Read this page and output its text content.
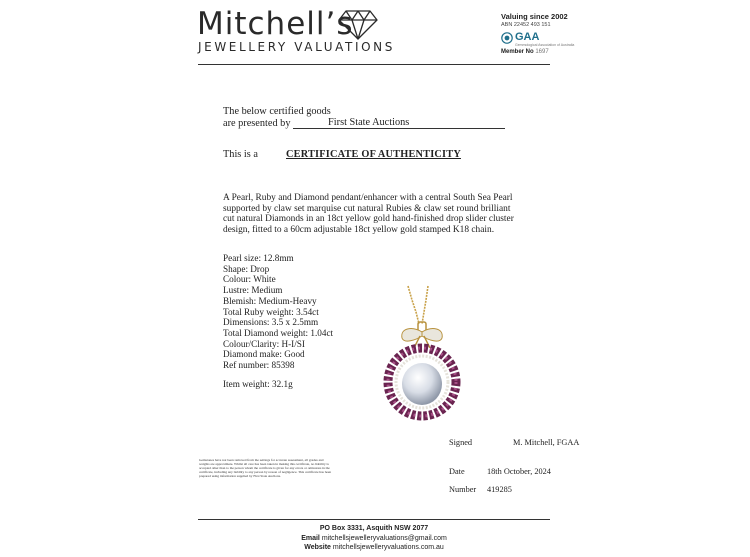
Mitchell’s
JEWELLERY VALUATIONS
Valuing since 2002
ABN 22452 493 151
GAA
Gemmological Association of Australia
Member No 1697
The below certified goods
are presented by	First State Auctions
This is a	CERTIFICATE OF AUTHENTICITY
A Pearl, Ruby and Diamond pendant/enhancer with a central South Sea Pearl
supported by claw set marquise cut natural Rubies & claw set round brilliant
cut natural Diamonds in an 18ct yellow gold hand-finished drop slider cluster
design, fitted to a 60cm adjustable 18ct yellow gold stamped K18 chain.
Pearl size: 12.8mm
Shape: Drop
Colour: White
Lustre: Medium
Blemish: Medium-Heavy
Total Ruby weight: 3.54ct
Dimensions: 3.5 x 2.5mm
Total Diamond weight: 1.04ct
Colour/Clarity: H-I/SI
Diamond make: Good
Ref number: 85398
Item weight: 32.1g
Signed	M. Mitchell, FGAA
Date	18th October, 2024
Number 419285
Gemstones have not been removed from the settings for accurate assessment, all grades and weights are approximate. Whilst all care has been taken in making this certificate, no liability is accepted other than to the person whom the certificate is given for any errors or omissions in the certificate, including any liability to any person by reason of negligence. This certificate has been prepared using information supplied by First State Auctions.
PO Box 3331, Asquith NSW 2077
Email mitchellsjewelleryvaluations@gmail.com
Website mitchellsjewelleryvaluations.com.au
